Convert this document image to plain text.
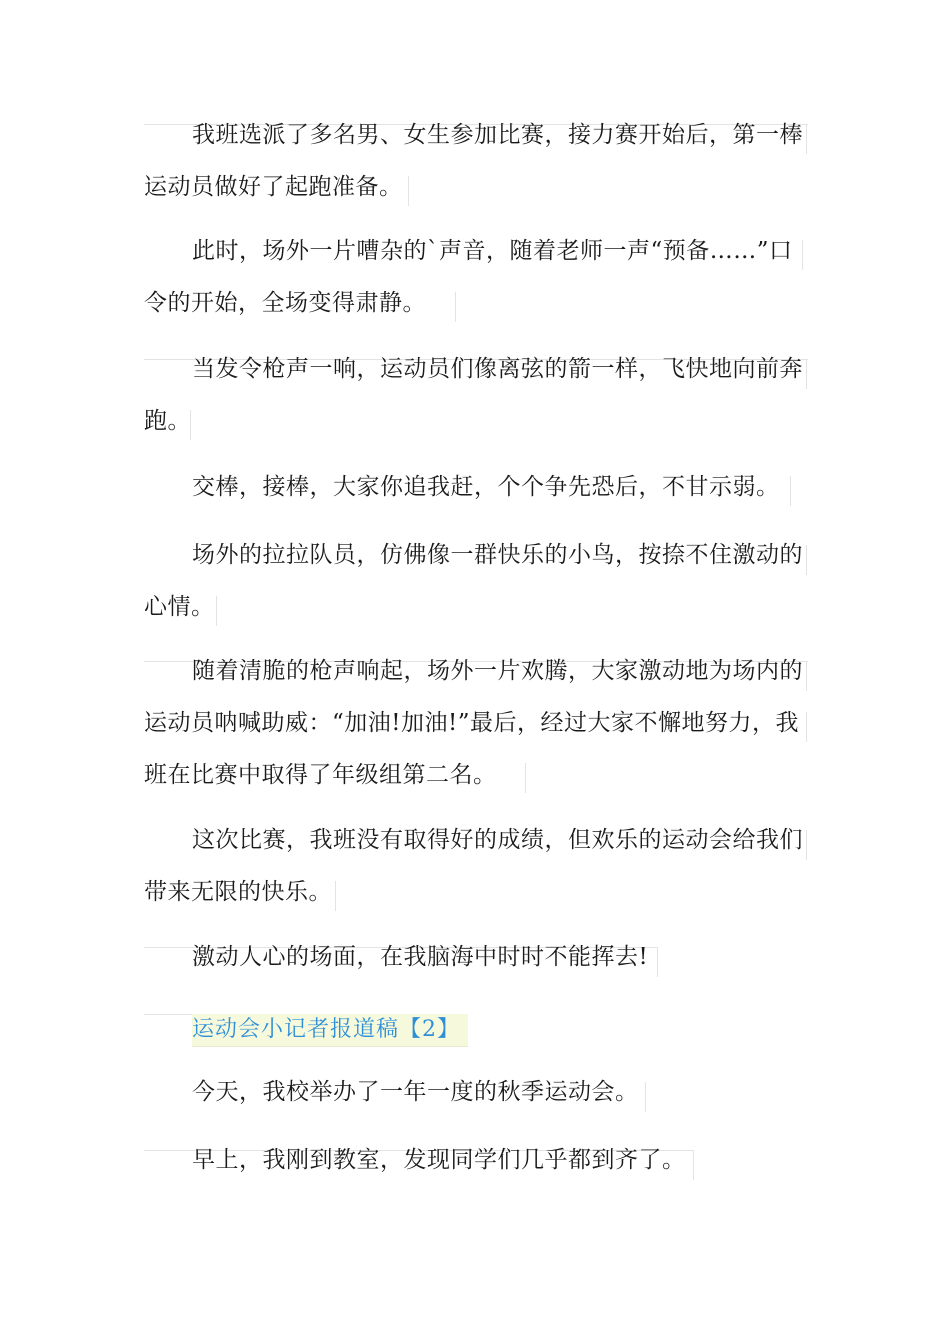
我班选派了多名男、女生参加比赛，接力赛开始后，第一棒运动员做好了起跑准备。

此时，场外一片嘈杂的`声音，随着老师一声“预备……”口令的开始，全场变得肃静。

当发令枪声一响，运动员们像离弦的箭一样，飞快地向前奔跑。

交棒，接棒，大家你追我赶，个个争先恐后，不甘示弱。

场外的拉拉队员，仿佛像一群快乐的小鸟，按捺不住激动的心情。

随着清脆的枪声响起，场外一片欢腾，大家激动地为场内的运动员呐喊助威：“加油!加油!”最后，经过大家不懈地努力，我班在比赛中取得了年级组第二名。

这次比赛，我班没有取得好的成绩，但欢乐的运动会给我们带来无限的快乐。

激动人心的场面，在我脑海中时时不能挥去!

运动会小记者报道稿【2】

今天，我校举办了一年一度的秋季运动会。

早上，我刚到教室，发现同学们几乎都到齐了。
